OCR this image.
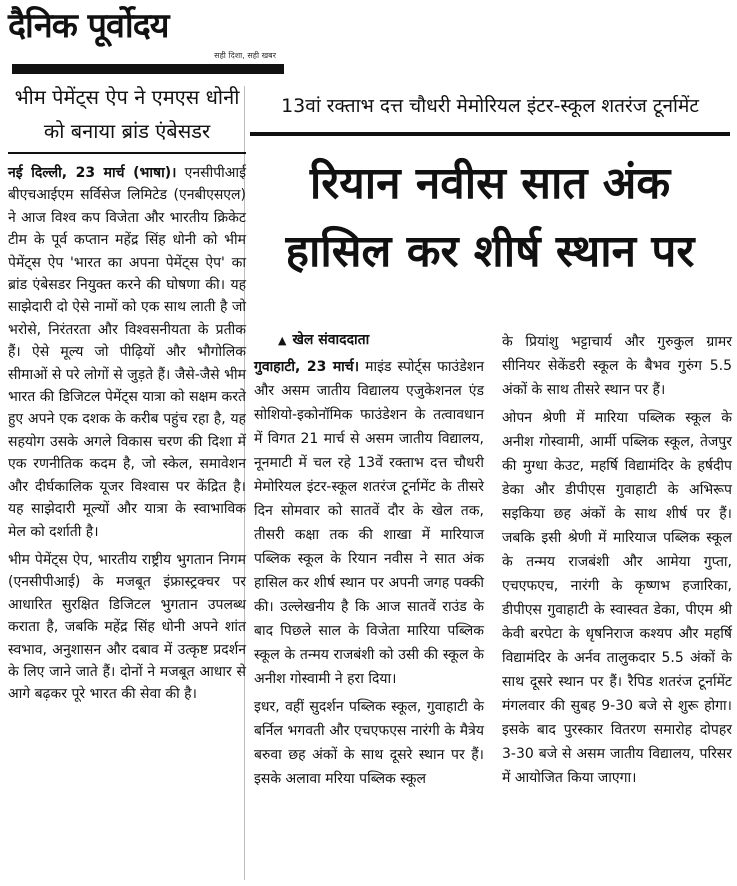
दैनिक पूर्वोदय
सही दिशा, सही खबर
भीम पेमेंट्स ऐप ने एमएस धोनी को बनाया ब्रांड एंबेसडर

नई दिल्ली, 23 मार्च (भाषा)। एनसीपीआई बीएचआईएम सर्विसेज लिमिटेड (एनबीएसएल) ने आज विश्व कप विजेता और भारतीय क्रिकेट टीम के पूर्व कप्तान महेंद्र सिंह धोनी को भीम पेमेंट्स ऐप 'भारत का अपना पेमेंट्स ऐप' का ब्रांड एंबेसडर नियुक्त करने की घोषणा की। यह साझेदारी दो ऐसे नामों को एक साथ लाती है जो भरोसे, निरंतरता और विश्वसनीयता के प्रतीक हैं। ऐसे मूल्य जो पीढ़ियों और भौगोलिक सीमाओं से परे लोगों से जुड़ते हैं। जैसे-जैसे भीम भारत की डिजिटल पेमेंट्स यात्रा को सक्षम करते हुए अपने एक दशक के करीब पहुंच रहा है, यह सहयोग उसके अगले विकास चरण की दिशा में एक रणनीतिक कदम है, जो स्केल, समावेशन और दीर्घकालिक यूजर विश्वास पर केंद्रित है। यह साझेदारी मूल्यों और यात्रा के स्वाभाविक मेल को दर्शाती है।

भीम पेमेंट्स ऐप, भारतीय राष्ट्रीय भुगतान निगम (एनसीपीआई) के मजबूत इंफ्रास्ट्रक्चर पर आधारित सुरक्षित डिजिटल भुगतान उपलब्ध कराता है, जबकि महेंद्र सिंह धोनी अपने शांत स्वभाव, अनुशासन और दबाव में उत्कृष्ट प्रदर्शन के लिए जाने जाते हैं। दोनों ने मजबूत आधार से आगे बढ़कर पूरे भारत की सेवा की है।

13वां रक्ताभ दत्त चौधरी मेमोरियल इंटर-स्कूल शतरंज टूर्नामेंट
रियान नवीस सात अंक हासिल कर शीर्ष स्थान पर
▲ खेल संवाददाता

गुवाहाटी, 23 मार्च। माइंड स्पोर्ट्स फाउंडेशन और असम जातीय विद्यालय एजुकेशनल एंड सोशियो-इकोनॉमिक फाउंडेशन के तत्वावधान में विगत 21 मार्च से असम जातीय विद्यालय, नूनमाटी में चल रहे 13वें रक्ताभ दत्त चौधरी मेमोरियल इंटर-स्कूल शतरंज टूर्नामेंट के तीसरे दिन सोमवार को सातवें दौर के खेल तक, तीसरी कक्षा तक की शाखा में मारियाज पब्लिक स्कूल के रियान नवीस ने सात अंक हासिल कर शीर्ष स्थान पर अपनी जगह पक्की की। उल्लेखनीय है कि आज सातवें राउंड के बाद पिछले साल के विजेता मारिया पब्लिक स्कूल के तन्मय राजबंशी को उसी की स्कूल के अनीश गोस्वामी ने हरा दिया।

इधर, वहीं सुदर्शन पब्लिक स्कूल, गुवाहाटी के बर्निल भगवती और एचएफएस नारंगी के मैत्रेय बरुवा छह अंकों के साथ दूसरे स्थान पर हैं। इसके अलावा मरिया पब्लिक स्कूल

के प्रियांशु भट्टाचार्य और गुरुकुल ग्रामर सीनियर सेकेंडरी स्कूल के बैभव गुरुंग 5.5 अंकों के साथ तीसरे स्थान पर हैं।

ओपन श्रेणी में मारिया पब्लिक स्कूल के अनीश गोस्वामी, आर्मी पब्लिक स्कूल, तेजपुर की मुग्धा केउट, महर्षि विद्यामंदिर के हर्षदीप डेका और डीपीएस गुवाहाटी के अभिरूप सइकिया छह अंकों के साथ शीर्ष पर हैं। जबकि इसी श्रेणी में मारियाज पब्लिक स्कूल के तन्मय राजबंशी और आमेया गुप्ता, एचएफएच, नारंगी के कृष्णभ हजारिका, डीपीएस गुवाहाटी के स्वास्वत डेका, पीएम श्री केवी बरपेटा के धृषनिराज कश्यप और महर्षि विद्यामंदिर के अर्नव तालुकदार 5.5 अंकों के साथ दूसरे स्थान पर हैं। रैपिड शतरंज टूर्नामेंट मंगलवार की सुबह 9-30 बजे से शुरू होगा। इसके बाद पुरस्कार वितरण समारोह दोपहर 3-30 बजे से असम जातीय विद्यालय, परिसर में आयोजित किया जाएगा।
